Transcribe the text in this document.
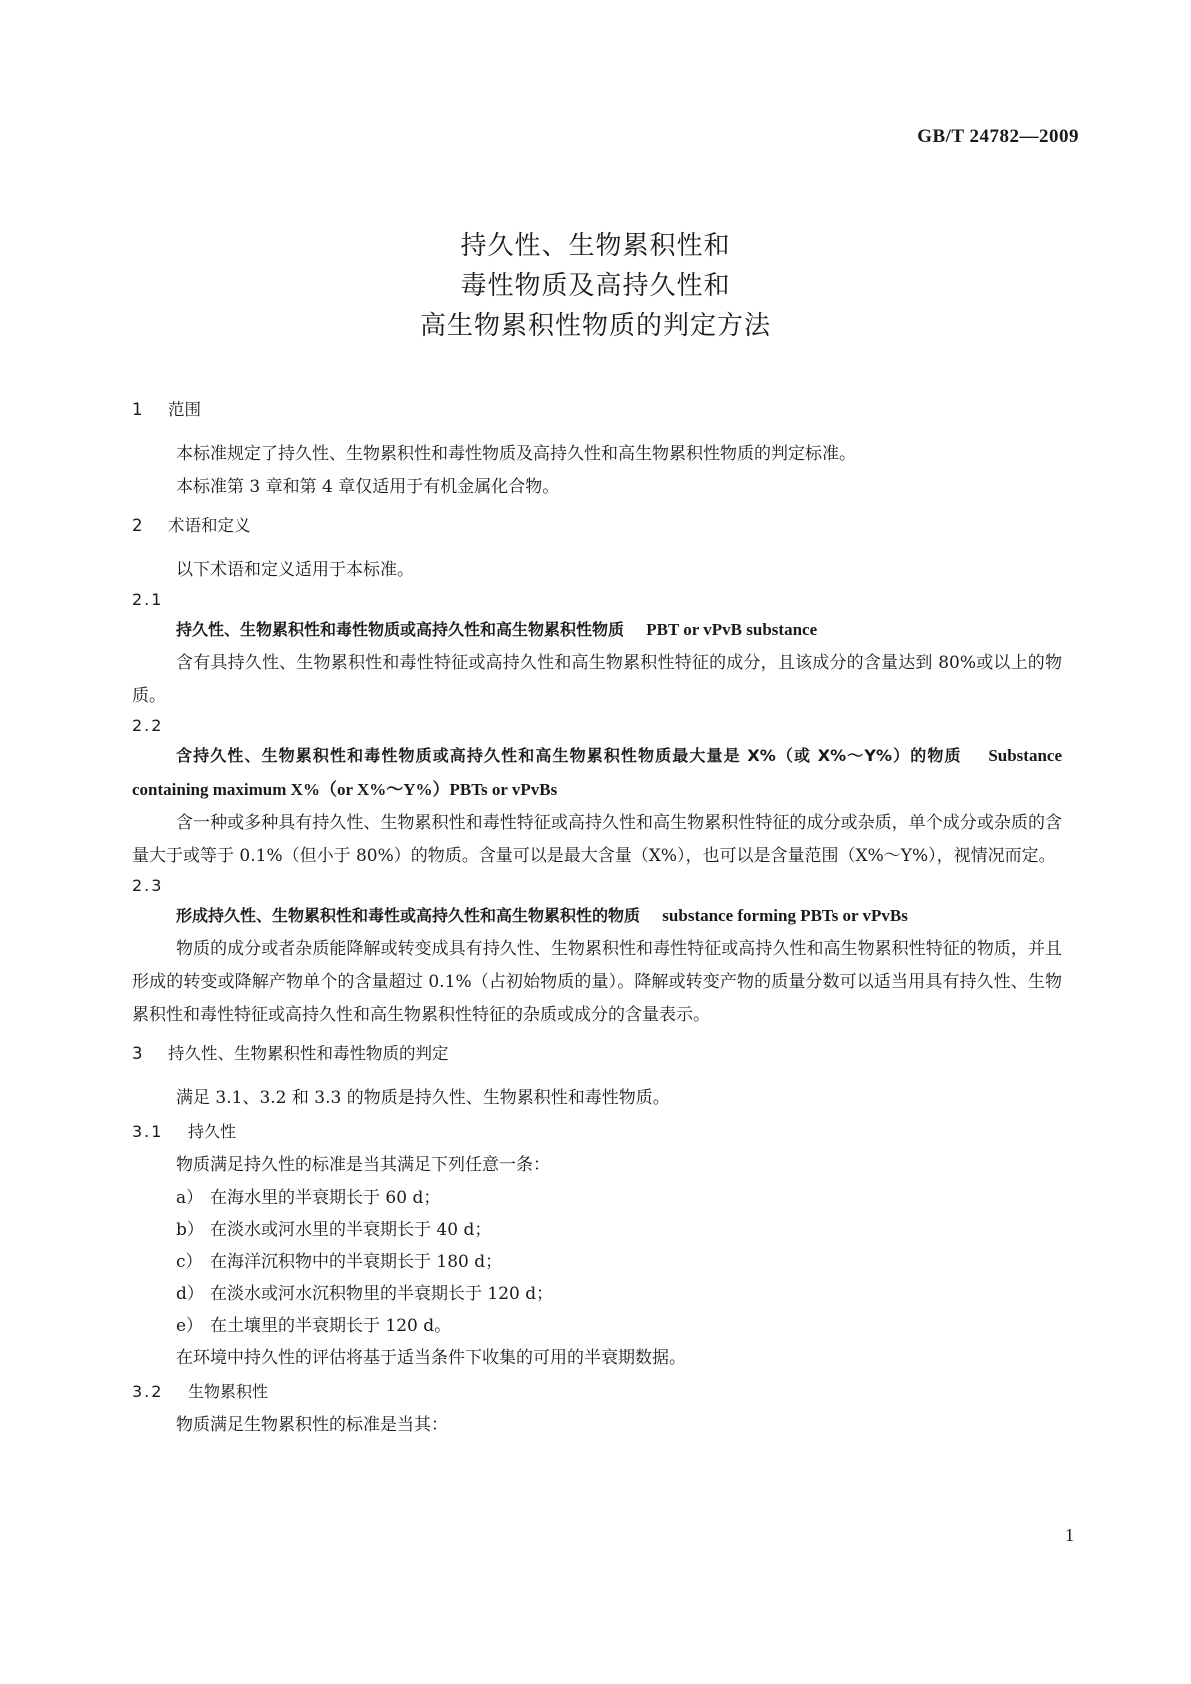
GB/T 24782—2009
持久性、生物累积性和
毒性物质及高持久性和
高生物累积性物质的判定方法
1 范围

本标准规定了持久性、生物累积性和毒性物质及高持久性和高生物累积性物质的判定标准。

本标准第 3 章和第 4 章仅适用于有机金属化合物。

2 术语和定义

以下术语和定义适用于本标准。

2.1

持久性、生物累积性和毒性物质或高持久性和高生物累积性物质 PBT or vPvB substance

含有具持久性、生物累积性和毒性特征或高持久性和高生物累积性特征的成分，且该成分的含量达到 80%或以上的物质。

2.2

含持久性、生物累积性和毒性物质或高持久性和高生物累积性物质最大量是 X%（或 X%～Y%）的物质 Substance containing maximum X%（or X%～Y%）PBTs or vPvBs

含一种或多种具有持久性、生物累积性和毒性特征或高持久性和高生物累积性特征的成分或杂质，单个成分或杂质的含量大于或等于 0.1%（但小于 80%）的物质。含量可以是最大含量（X%），也可以是含量范围（X%～Y%），视情况而定。

2.3

形成持久性、生物累积性和毒性或高持久性和高生物累积性的物质 substance forming PBTs or vPvBs

物质的成分或者杂质能降解或转变成具有持久性、生物累积性和毒性特征或高持久性和高生物累积性特征的物质，并且形成的转变或降解产物单个的含量超过 0.1%（占初始物质的量）。降解或转变产物的质量分数可以适当用具有持久性、生物累积性和毒性特征或高持久性和高生物累积性特征的杂质或成分的含量表示。

3 持久性、生物累积性和毒性物质的判定

满足 3.1、3.2 和 3.3 的物质是持久性、生物累积性和毒性物质。

3.1 持久性

物质满足持久性的标准是当其满足下列任意一条：

a） 在海水里的半衰期长于 60 d；

b） 在淡水或河水里的半衰期长于 40 d；

c） 在海洋沉积物中的半衰期长于 180 d；

d） 在淡水或河水沉积物里的半衰期长于 120 d；

e） 在土壤里的半衰期长于 120 d。

在环境中持久性的评估将基于适当条件下收集的可用的半衰期数据。

3.2 生物累积性

物质满足生物累积性的标准是当其：

1
